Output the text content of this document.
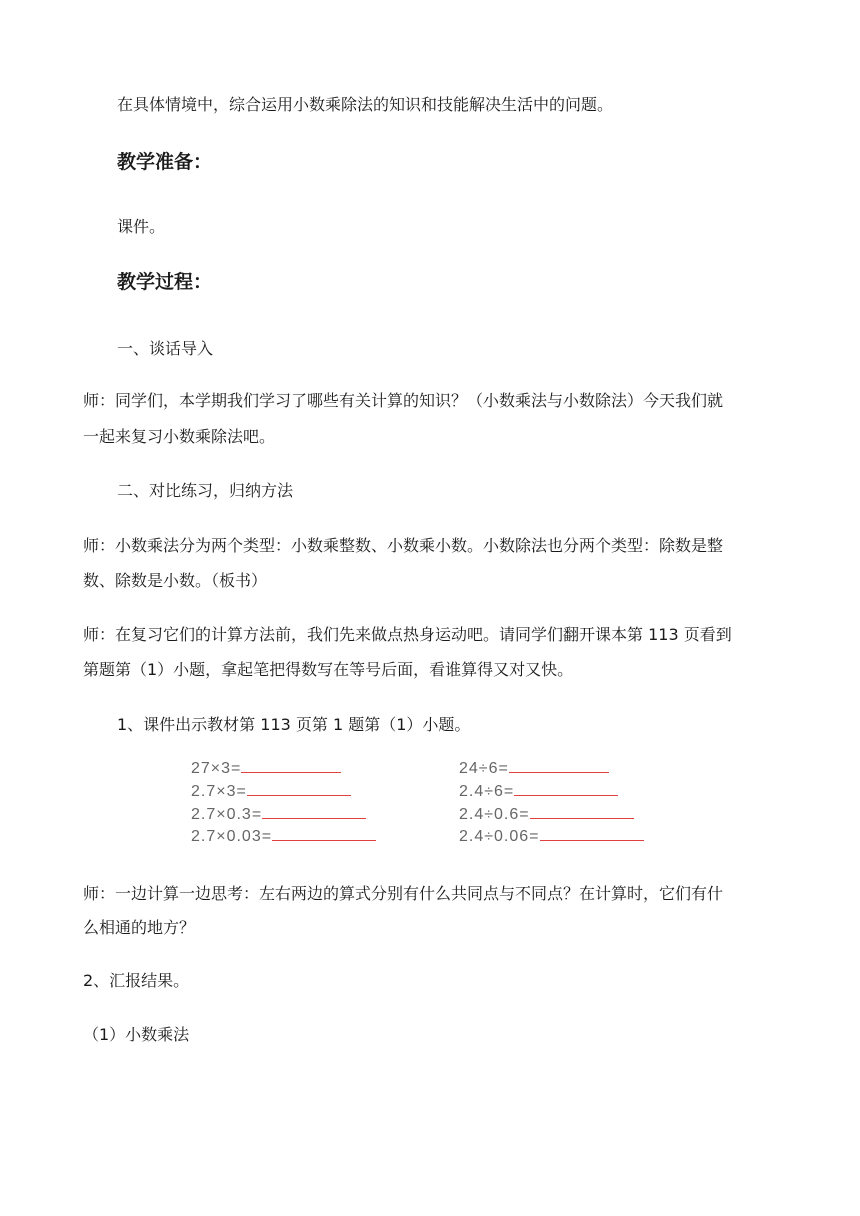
在具体情境中，综合运用小数乘除法的知识和技能解决生活中的问题。
教学准备：
课件。
教学过程：
一、谈话导入
师：同学们，本学期我们学习了哪些有关计算的知识？（小数乘法与小数除法）今天我们就
一起来复习小数乘除法吧。
二、对比练习，归纳方法
师：小数乘法分为两个类型：小数乘整数、小数乘小数。小数除法也分两个类型：除数是整
数、除数是小数。（板书）
师：在复习它们的计算方法前，我们先来做点热身运动吧。请同学们翻开课本第 113 页看到
第题第（1）小题，拿起笔把得数写在等号后面，看谁算得又对又快。
1、课件出示教材第 113 页第 1 题第（1）小题。
27×3=
2.7×3=
2.7×0.3=
2.7×0.03=
24÷6=
2.4÷6=
2.4÷0.6=
2.4÷0.06=
师：一边计算一边思考：左右两边的算式分别有什么共同点与不同点？在计算时，它们有什
么相通的地方？
2、汇报结果。
（1）小数乘法
